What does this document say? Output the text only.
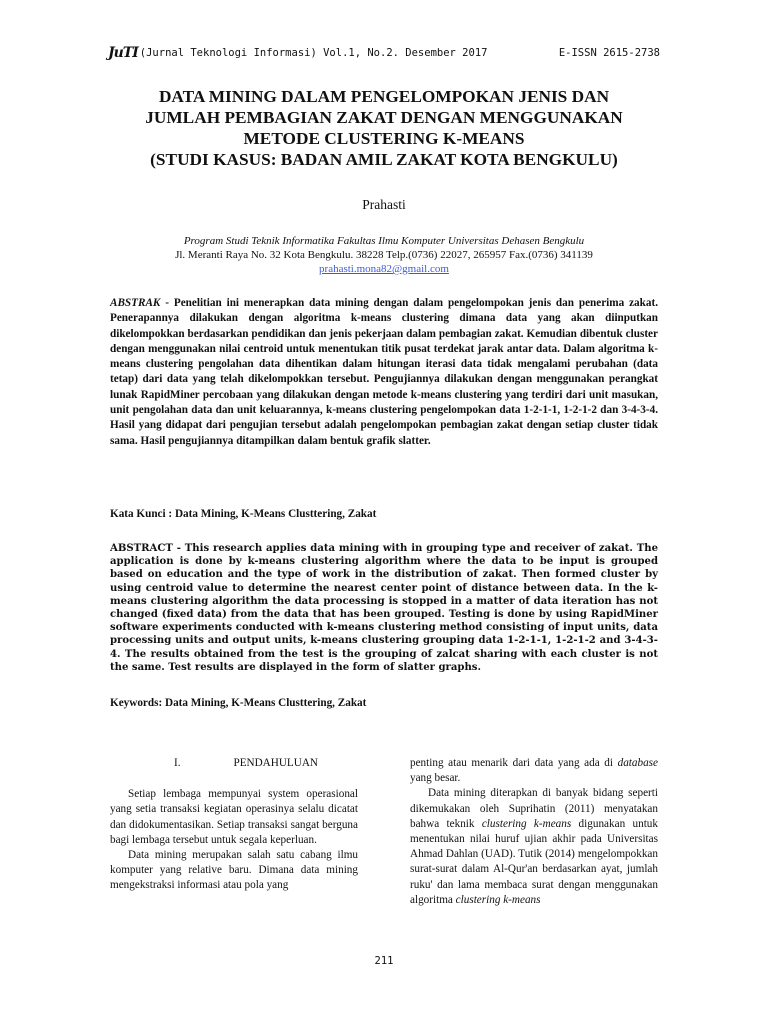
JuTI (Jurnal Teknologi Informasi) Vol.1, No.2. Desember 2017	E-ISSN 2615-2738
DATA MINING DALAM PENGELOMPOKAN JENIS DAN
JUMLAH PEMBAGIAN ZAKAT DENGAN MENGGUNAKAN
METODE CLUSTERING K-MEANS
(STUDI KASUS: BADAN AMIL ZAKAT KOTA BENGKULU)
Prahasti
Program Studi Teknik Informatika Fakultas Ilmu Komputer Universitas Dehasen Bengkulu
Jl. Meranti Raya No. 32 Kota Bengkulu. 38228 Telp.(0736) 22027, 265957 Fax.(0736) 341139
prahasti.mona82@gmail.com
ABSTRAK - Penelitian ini menerapkan data mining dengan dalam pengelompokan jenis dan penerima zakat. Penerapannya dilakukan dengan algoritma k-means clustering dimana data yang akan diinputkan dikelompokkan berdasarkan pendidikan dan jenis pekerjaan dalam pembagian zakat. Kemudian dibentuk cluster dengan menggunakan nilai centroid untuk menentukan titik pusat terdekat jarak antar data. Dalam algoritma k-means clustering pengolahan data dihentikan dalam hitungan iterasi data tidak mengalami perubahan (data tetap) dari data yang telah dikelompokkan tersebut. Pengujiannya dilakukan dengan menggunakan perangkat lunak RapidMiner percobaan yang dilakukan dengan metode k-means clustering yang terdiri dari unit masukan, unit pengolahan data dan unit keluarannya, k-means clustering pengelompokan data 1-2-1-1, 1-2-1-2 dan 3-4-3-4. Hasil yang didapat dari pengujian tersebut adalah pengelompokan pembagian zakat dengan setiap cluster tidak sama. Hasil pengujiannya ditampilkan dalam bentuk grafik slatter.
Kata Kunci : Data Mining, K-Means Clusttering, Zakat
ABSTRACT - This research applies data mining with in grouping type and receiver of zakat. The application is done by k-means clustering algorithm where the data to be input is grouped based on education and the type of work in the distribution of zakat. Then formed cluster by using centroid value to determine the nearest center point of distance between data. In the k-means clustering algorithm the data processing is stopped in a matter of data iteration has not changed (fixed data) from the data that has been grouped. Testing is done by using RapidMiner software experiments conducted with k-means clustering method consisting of input units, data processing units and output units, k-means clustering grouping data 1-2-1-1, 1-2-1-2 and 3-4-3-4. The results obtained from the test is the grouping of zalcat sharing with each cluster is not the same. Test results are displayed in the form of slatter graphs.
Keywords: Data Mining, K-Means Clusttering, Zakat
I.	PENDAHULUAN

Setiap lembaga mempunyai system operasional yang setia transaksi kegiatan operasinya selalu dicatat dan didokumentasikan. Setiap transaksi sangat berguna bagi lembaga tersebut untuk segala keperluan.

Data mining merupakan salah satu cabang ilmu komputer yang relative baru. Dimana data mining mengekstraksi informasi atau pola yang

penting atau menarik dari data yang ada di database yang besar.

Data mining diterapkan di banyak bidang seperti dikemukakan oleh Suprihatin (2011) menyatakan bahwa teknik clustering k-means digunakan untuk menentukan nilai huruf ujian akhir pada Universitas Ahmad Dahlan (UAD). Tutik (2014) mengelompokkan surat-surat dalam Al-Qur'an berdasarkan ayat, jumlah ruku' dan lama membaca surat dengan menggunakan algoritma clustering k-means

211
